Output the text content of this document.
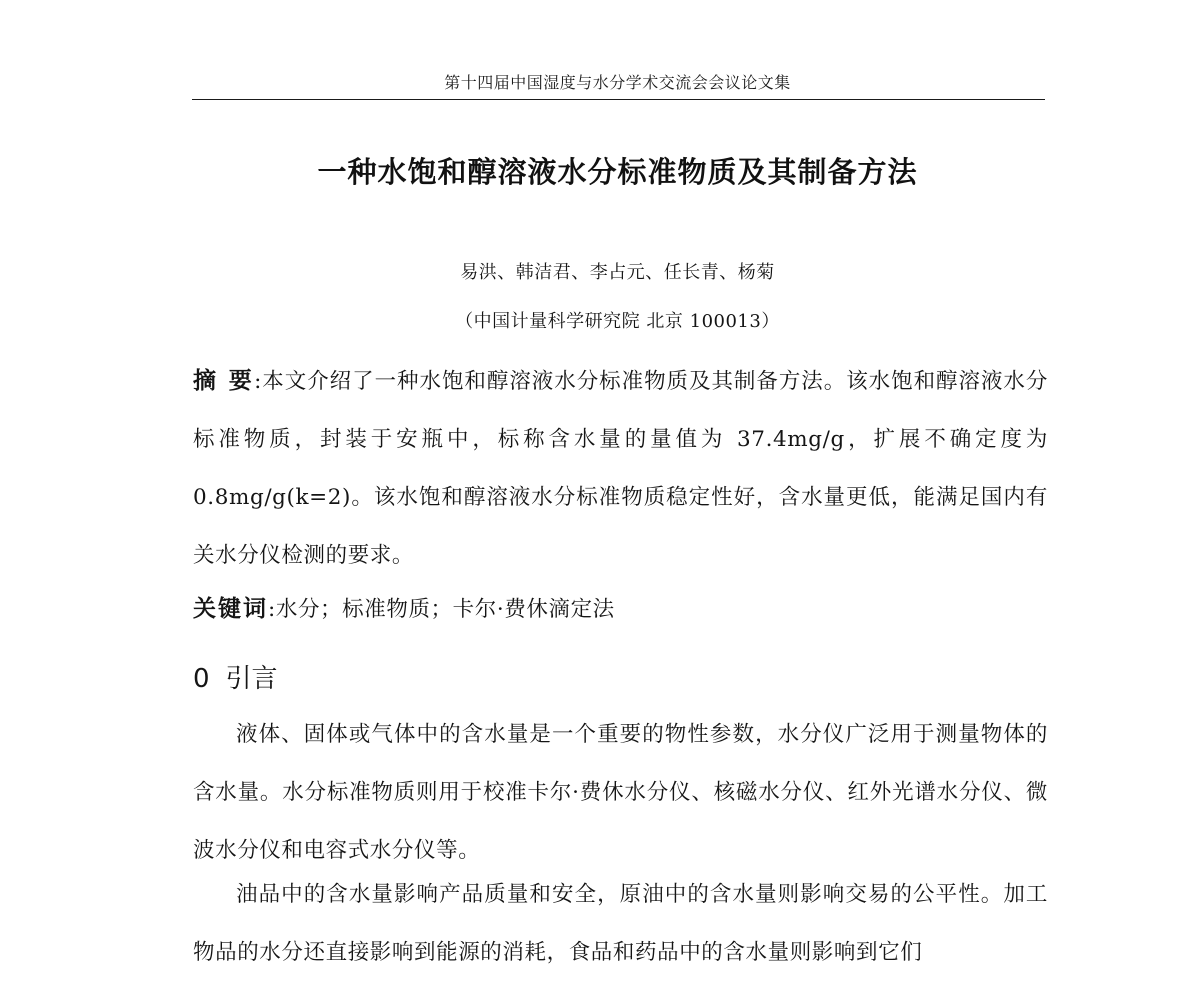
第十四届中国湿度与水分学术交流会会议论文集
一种水饱和醇溶液水分标准物质及其制备方法
易洪、韩洁君、李占元、任长青、杨菊
（中国计量科学研究院 北京 100013）
摘 要:本文介绍了一种水饱和醇溶液水分标准物质及其制备方法。该水饱和醇溶液水分标准物质，封装于安瓶中，标称含水量的量值为 37.4mg/g，扩展不确定度为 0.8mg/g(k=2)。该水饱和醇溶液水分标准物质稳定性好，含水量更低，能满足国内有关水分仪检测的要求。
关键词:水分；标准物质；卡尔·费休滴定法
0 引言
液体、固体或气体中的含水量是一个重要的物性参数，水分仪广泛用于测量物体的含水量。水分标准物质则用于校准卡尔·费休水分仪、核磁水分仪、红外光谱水分仪、微波水分仪和电容式水分仪等。
油品中的含水量影响产品质量和安全，原油中的含水量则影响交易的公平性。加工物品的水分还直接影响到能源的消耗，食品和药品中的含水量则影响到它们
